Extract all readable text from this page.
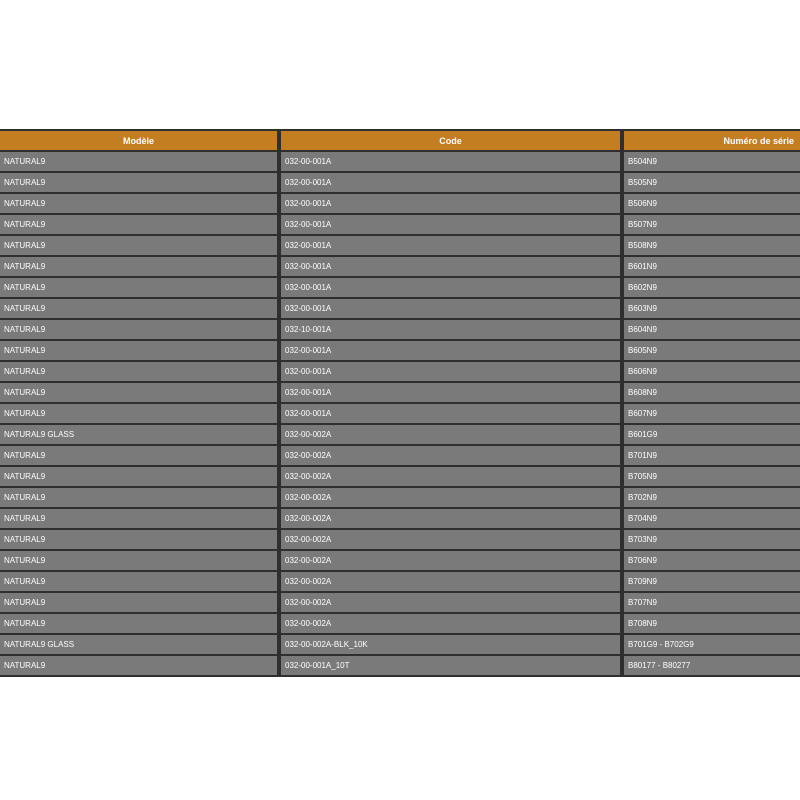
Modèle	Code	Numéro de série
NATURAL9	032-00-001A	B504N9
NATURAL9	032-00-001A	B505N9
NATURAL9	032-00-001A	B506N9
NATURAL9	032-00-001A	B507N9
NATURAL9	032-00-001A	B508N9
NATURAL9	032-00-001A	B601N9
NATURAL9	032-00-001A	B602N9
NATURAL9	032-00-001A	B603N9
NATURAL9	032-10-001A	B604N9
NATURAL9	032-00-001A	B605N9
NATURAL9	032-00-001A	B606N9
NATURAL9	032-00-001A	B608N9
NATURAL9	032-00-001A	B607N9
NATURAL9 GLASS	032-00-002A	B601G9
NATURAL9	032-00-002A	B701N9
NATURAL9	032-00-002A	B705N9
NATURAL9	032-00-002A	B702N9
NATURAL9	032-00-002A	B704N9
NATURAL9	032-00-002A	B703N9
NATURAL9	032-00-002A	B706N9
NATURAL9	032-00-002A	B709N9
NATURAL9	032-00-002A	B707N9
NATURAL9	032-00-002A	B708N9
NATURAL9 GLASS	032-00-002A-BLK_10K	B701G9 - B702G9
NATURAL9	032-00-001A_10T	B80177 - B80277
